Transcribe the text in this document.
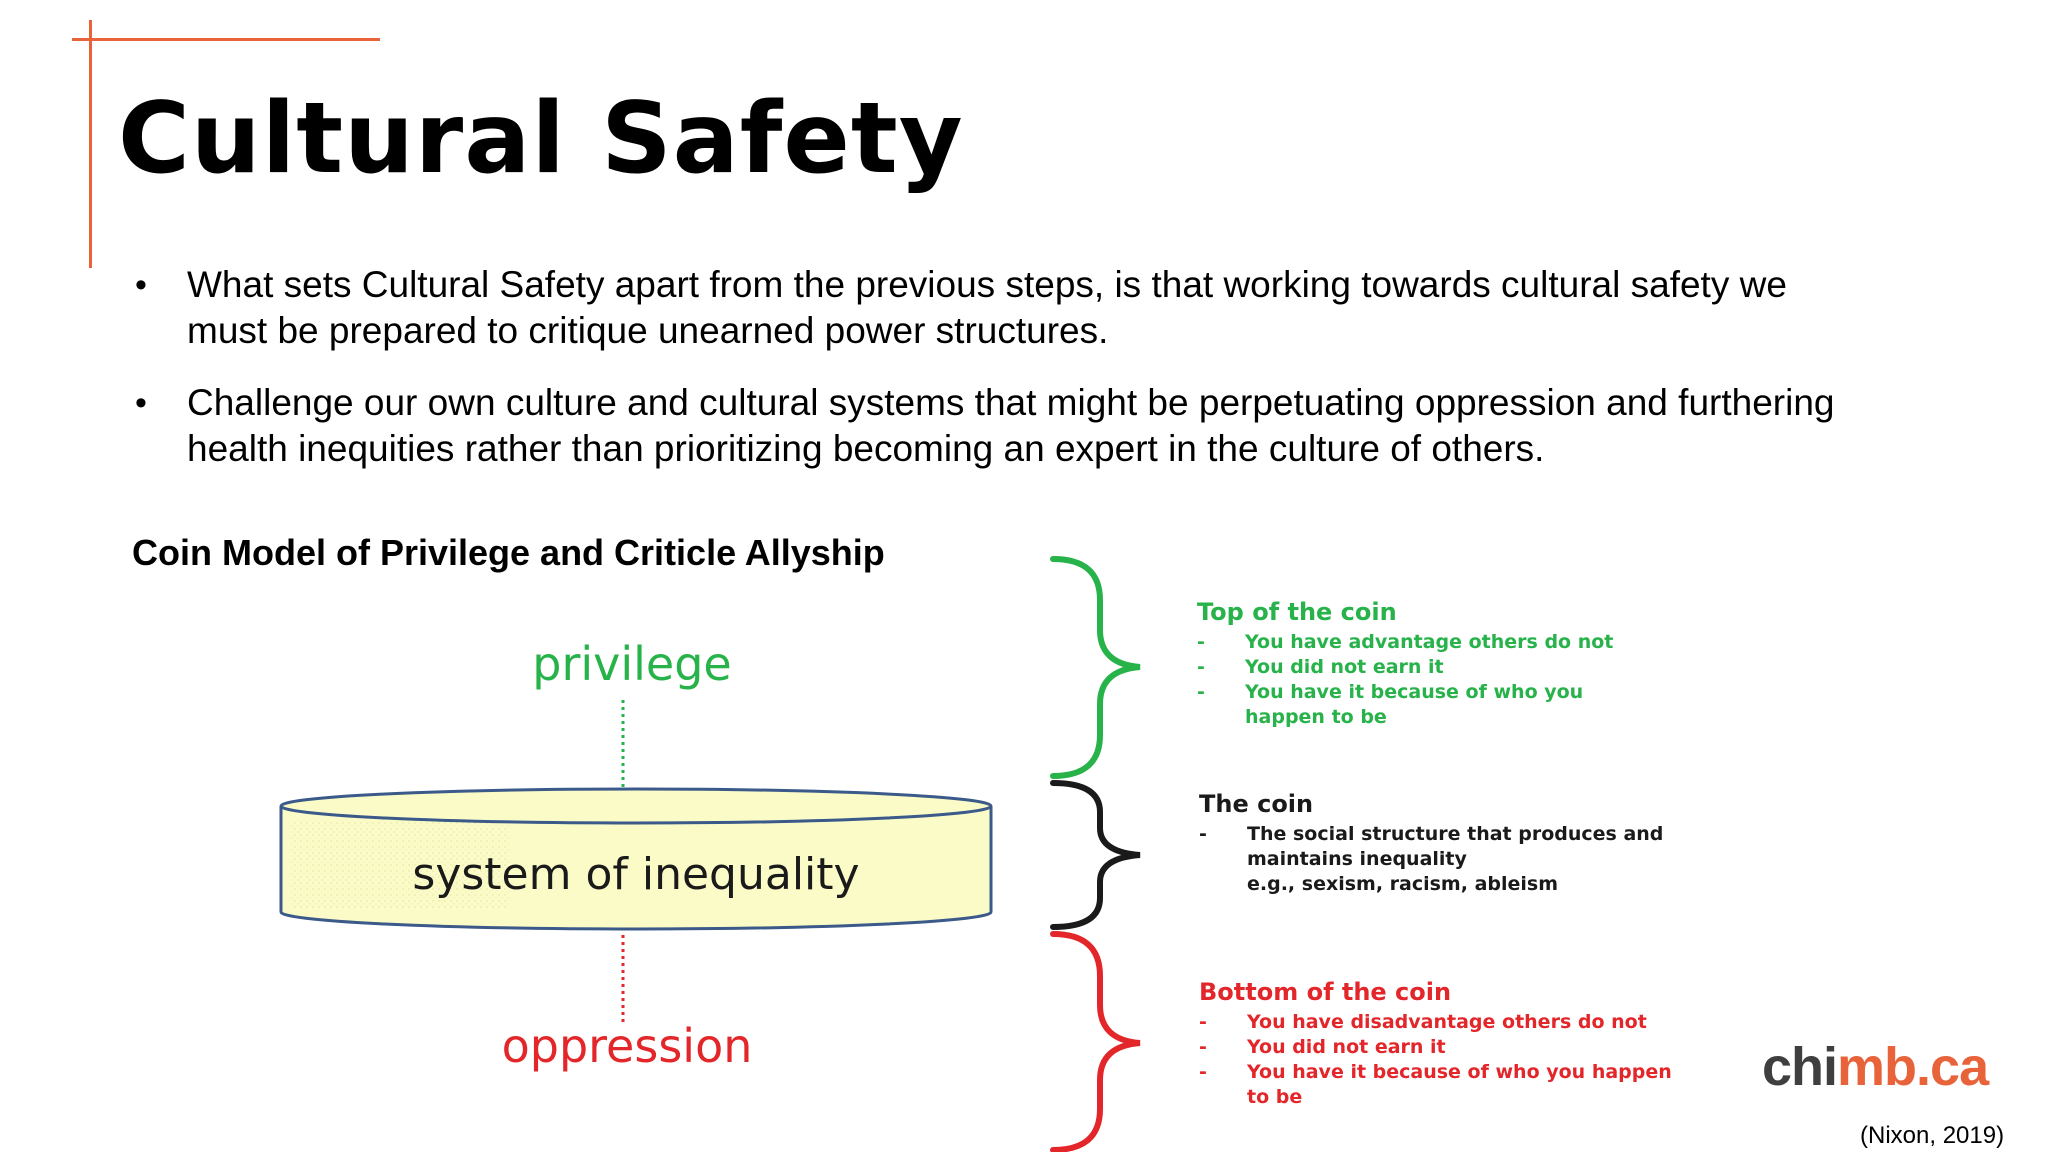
Cultural Safety
• What sets Cultural Safety apart from the previous steps, is that working towards cultural safety we must be prepared to critique unearned power structures.
• Challenge our own culture and cultural systems that might be perpetuating oppression and furthering health inequities rather than prioritizing becoming an expert in the culture of others.
Coin Model of Privilege and Criticle Allyship
privilege
system of inequality
oppression
Top of the coin
- You have advantage others do not
- You did not earn it
- You have it because of who you happen to be
The coin
- The social structure that produces and maintains inequality
e.g., sexism, racism, ableism
Bottom of the coin
- You have disadvantage others do not
- You did not earn it
- You have it because of who you happen to be	chimb.ca
(Nixon, 2019)
